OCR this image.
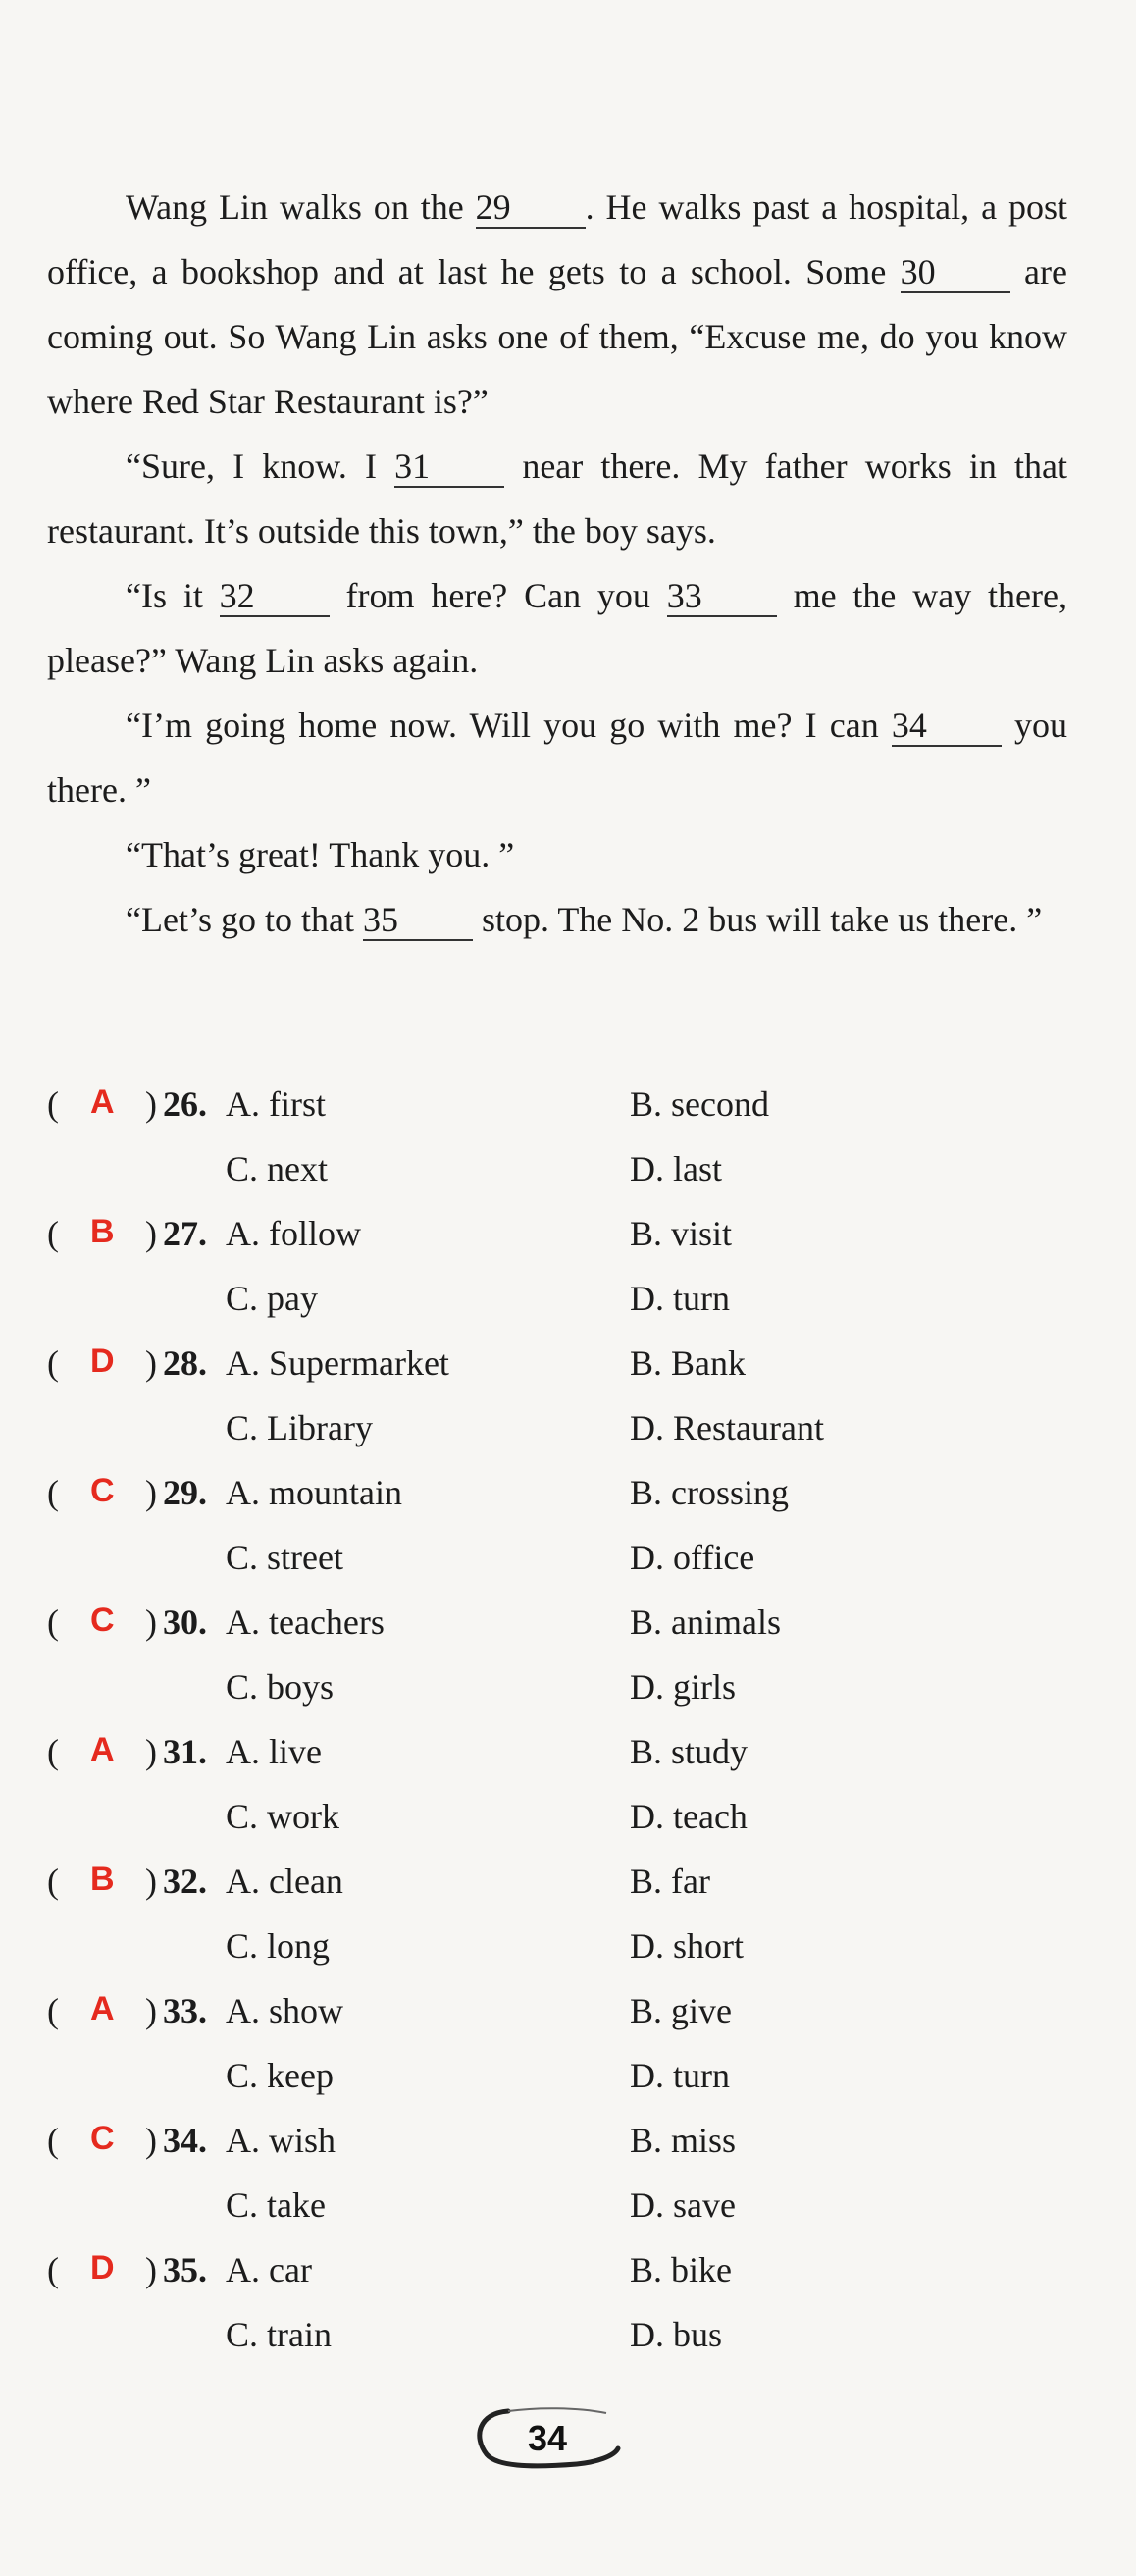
Wang Lin walks on the 29 . He walks past a hospital, a post office, a bookshop and at last he gets to a school. Some 30 are coming out. So Wang Lin asks one of them, “Excuse me, do you know where Red Star Restaurant is?”

“Sure, I know. I 31 near there. My father works in that restaurant. It’s outside this town,” the boy says.

“Is it 32 from here? Can you 33 me the way there, please?” Wang Lin asks again.

“I’m going home now. Will you go with me? I can 34 you there. ”

“That’s great! Thank you. ”

“Let’s go to that 35 stop. The No. 2 bus will take us there. ”

( A ) 26. A. first	B. second
C. next	D. last
( B ) 27. A. follow	B. visit
C. pay	D. turn
( D ) 28. A. Supermarket	B. Bank
C. Library	D. Restaurant
( C ) 29. A. mountain	B. crossing
C. street	D. office
( C ) 30. A. teachers	B. animals
C. boys	D. girls
( A ) 31. A. live	B. study
C. work	D. teach
( B ) 32. A. clean	B. far
C. long	D. short
( A ) 33. A. show	B. give
C. keep	D. turn
( C ) 34. A. wish	B. miss
C. take	D. save
( D ) 35. A. car	B. bike
C. train	D. bus
34
